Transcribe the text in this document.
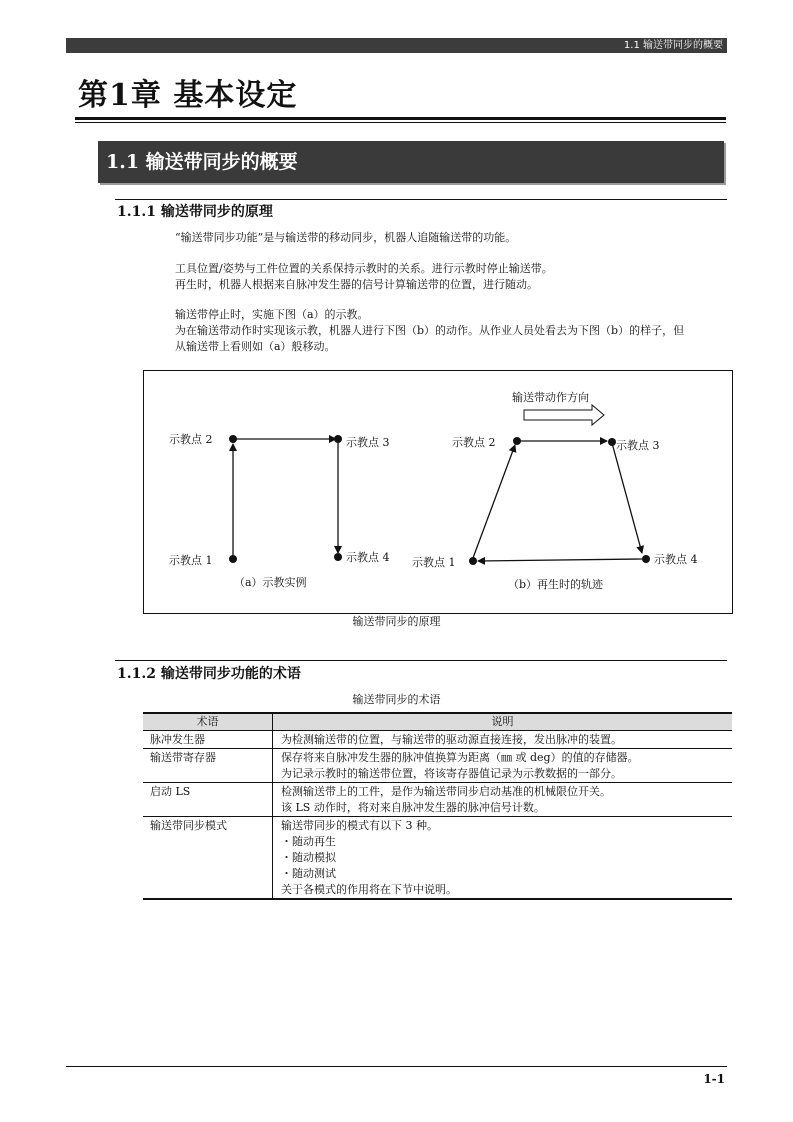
1.1 输送带同步的概要
第1章 基本设定
1.1 输送带同步的概要
1.1.1 输送带同步的原理
“输送带同步功能”是与输送带的移动同步，机器人追随输送带的功能。
工具位置/姿势与工件位置的关系保持示教时的关系。进行示教时停止输送带。
再生时，机器人根据来自脉冲发生器的信号计算输送带的位置，进行随动。
输送带停止时，实施下图（a）的示教。
为在输送带动作时实现该示教，机器人进行下图（b）的动作。从作业人员处看去为下图（b）的样子，但
从输送带上看则如（a）般移动。
示教点 1
示教点 2	示教点 3
示教点 4
（a）示教实例
输送带动作方向
示教点 1
示教点 2	示教点 3
示教点 4
（b）再生时的轨迹
输送带同步的原理
1.1.2 输送带同步功能的术语
输送带同步的术语
术语	说明
脉冲发生器	为检测输送带的位置，与输送带的驱动源直接连接，发出脉冲的装置。
输送带寄存器	保存将来自脉冲发生器的脉冲值换算为距离（㎜ 或 deg）的值的存储器。
为记录示教时的输送带位置，将该寄存器值记录为示教数据的一部分。
启动 LS	检测输送带上的工件，是作为输送带同步启动基准的机械限位开关。
该 LS 动作时，将对来自脉冲发生器的脉冲信号计数。
输送带同步模式	输送带同步的模式有以下 3 种。
・随动再生
・随动模拟
・随动测试
关于各模式的作用将在下节中说明。
1-1
